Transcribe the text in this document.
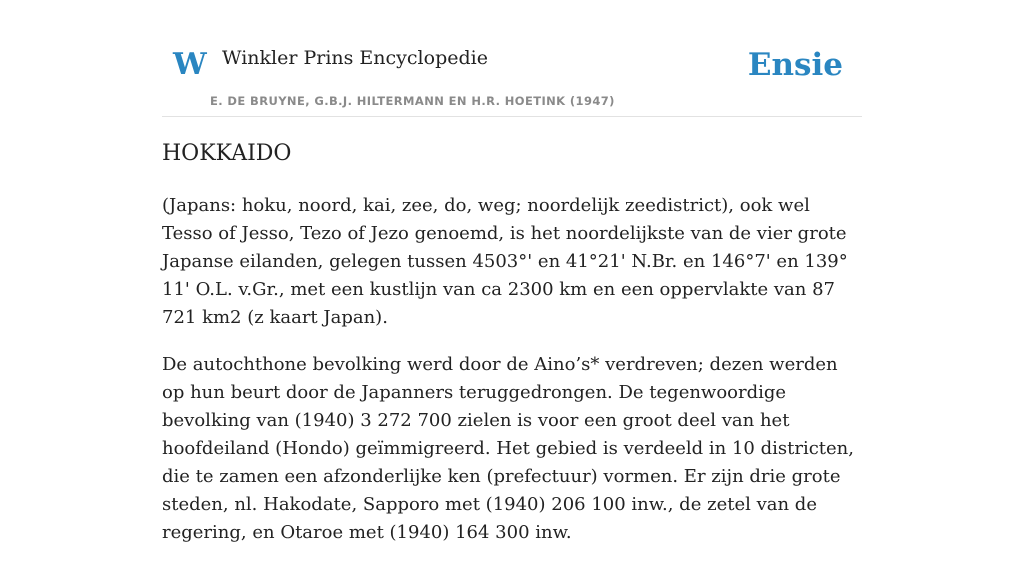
W Winkler Prins Encyclopedie
E. DE BRUYNE, G.B.J. HILTERMANN EN H.R. HOETINK (1947)
Ensie
HOKKAIDO

(Japans: hoku, noord, kai, zee, do, weg; noordelijk zeedistrict), ook wel Tesso of Jesso, Tezo of Jezo genoemd, is het noordelijkste van de vier grote Japanse eilanden, gelegen tussen 4503°' en 41°21' N.Br. en 146°7' en 139° 11' O.L. v.Gr., met een kustlijn van ca 2300 km en een oppervlakte van 87 721 km2 (z kaart Japan).

De autochthone bevolking werd door de Aino’s* verdreven; dezen werden op hun beurt door de Japanners teruggedrongen. De tegenwoordige bevolking van (1940) 3 272 700 zielen is voor een groot deel van het hoofdeiland (Hondo) geïmmigreerd. Het gebied is verdeeld in 10 districten, die te zamen een afzonderlijke ken (prefectuur) vormen. Er zijn drie grote steden, nl. Hakodate, Sapporo met (1940) 206 100 inw., de zetel van de regering, en Otaroe met (1940) 164 300 inw.
